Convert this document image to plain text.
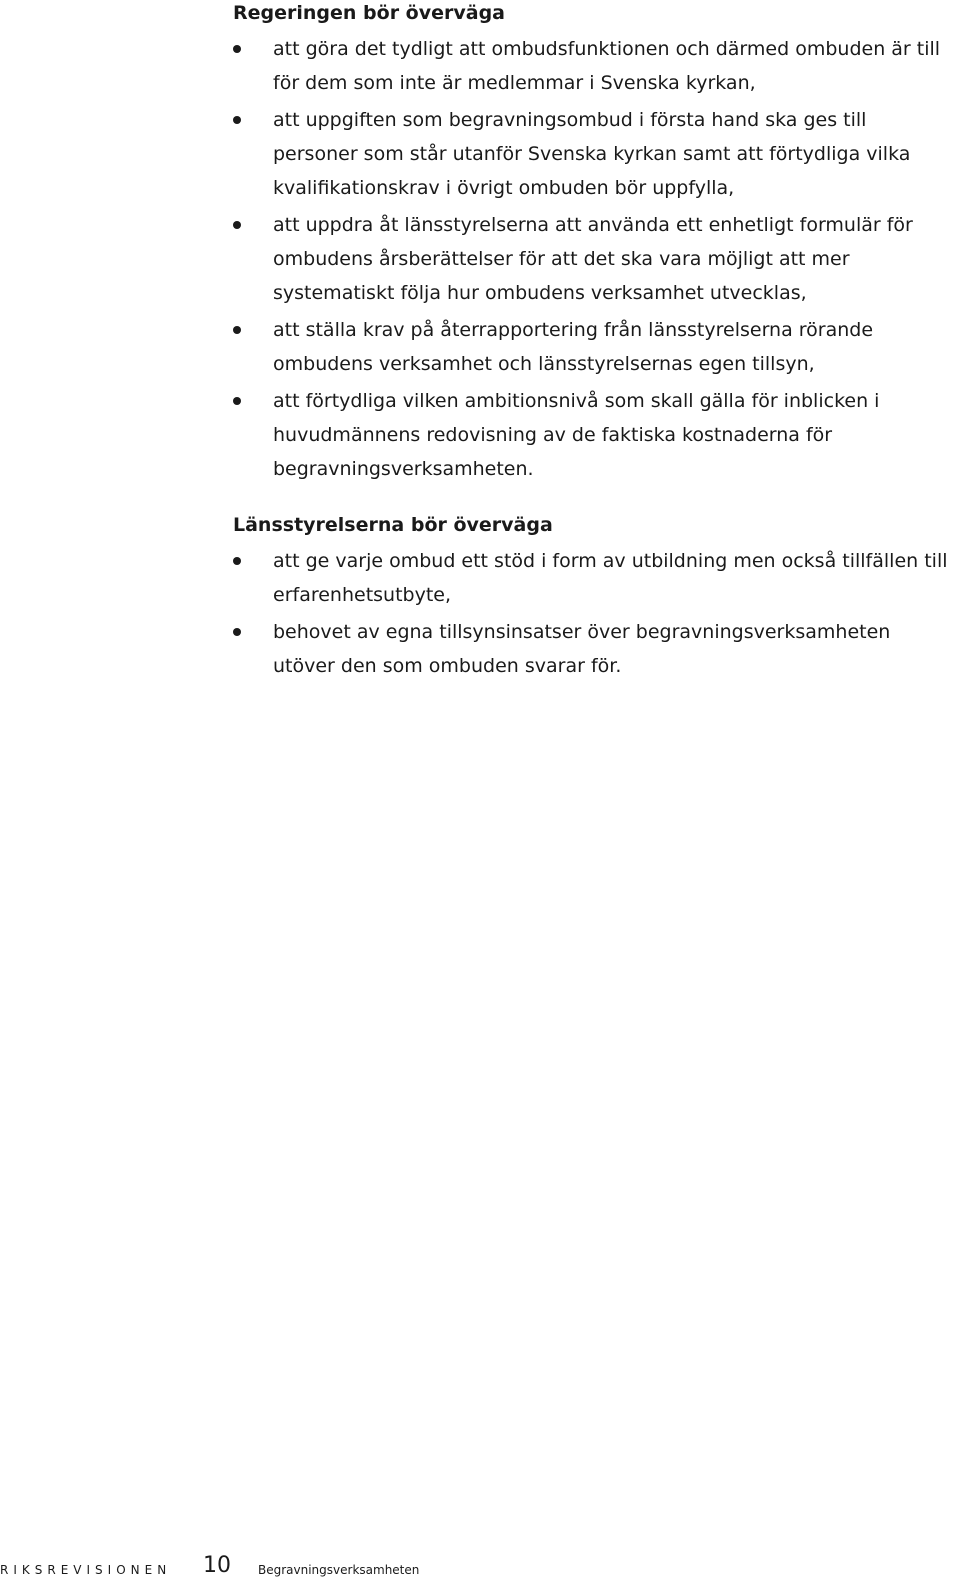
Regeringen bör överväga
att göra det tydligt att ombudsfunktionen och därmed ombuden är till för dem som inte är medlemmar i Svenska kyrkan,
att uppgiften som begravningsombud i första hand ska ges till personer som står utanför Svenska kyrkan samt att förtydliga vilka kvalifikationskrav i övrigt ombuden bör uppfylla,
att uppdra åt länsstyrelserna att använda ett enhetligt formulär för ombudens årsberättelser för att det ska vara möjligt att mer systematiskt följa hur ombudens verksamhet utvecklas,
att ställa krav på återrapportering från länsstyrelserna rörande ombudens verksamhet och länsstyrelsernas egen tillsyn,
att förtydliga vilken ambitionsnivå som skall gälla för inblicken i huvudmännens redovisning av de faktiska kostnaderna för begravningsverksamheten.
Länsstyrelserna bör överväga
att ge varje ombud ett stöd i form av utbildning men också tillfällen till erfarenhetsutbyte,
behovet av egna tillsynsinsatser över begravningsverksamheten utöver den som ombuden svarar för.
RIKSREVISIONEN 10 Begravningsverksamheten
